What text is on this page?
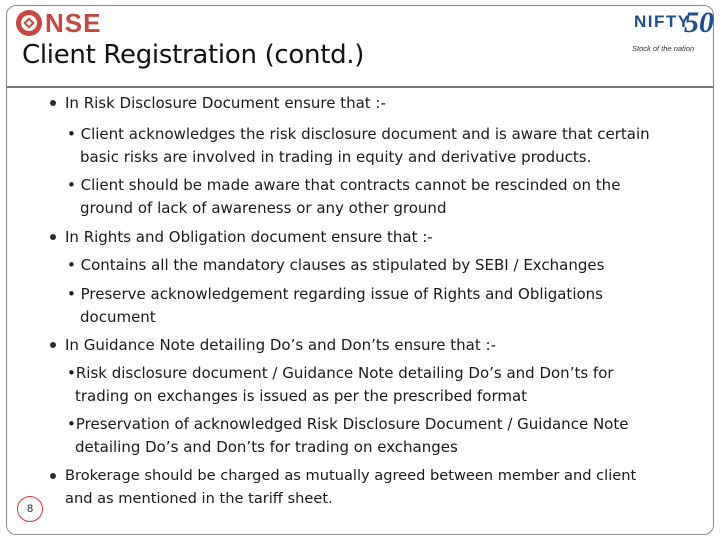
NSE	NIFTY
50
Stock of the nation
Client Registration (contd.)
In Risk Disclosure Document ensure that :-
• Client acknowledges the risk disclosure document and is aware that certain
basic risks are involved in trading in equity and derivative products.
• Client should be made aware that contracts cannot be rescinded on the
ground of lack of awareness or any other ground
In Rights and Obligation document ensure that :-
• Contains all the mandatory clauses as stipulated by SEBI / Exchanges
• Preserve acknowledgement regarding issue of Rights and Obligations
document
In Guidance Note detailing Do’s and Don’ts ensure that :-
•Risk disclosure document / Guidance Note detailing Do’s and Don’ts for
trading on exchanges is issued as per the prescribed format
•Preservation of acknowledged Risk Disclosure Document / Guidance Note
detailing Do’s and Don’ts for trading on exchanges
Brokerage should be charged as mutually agreed between member and client
and as mentioned in the tariff sheet.
8
